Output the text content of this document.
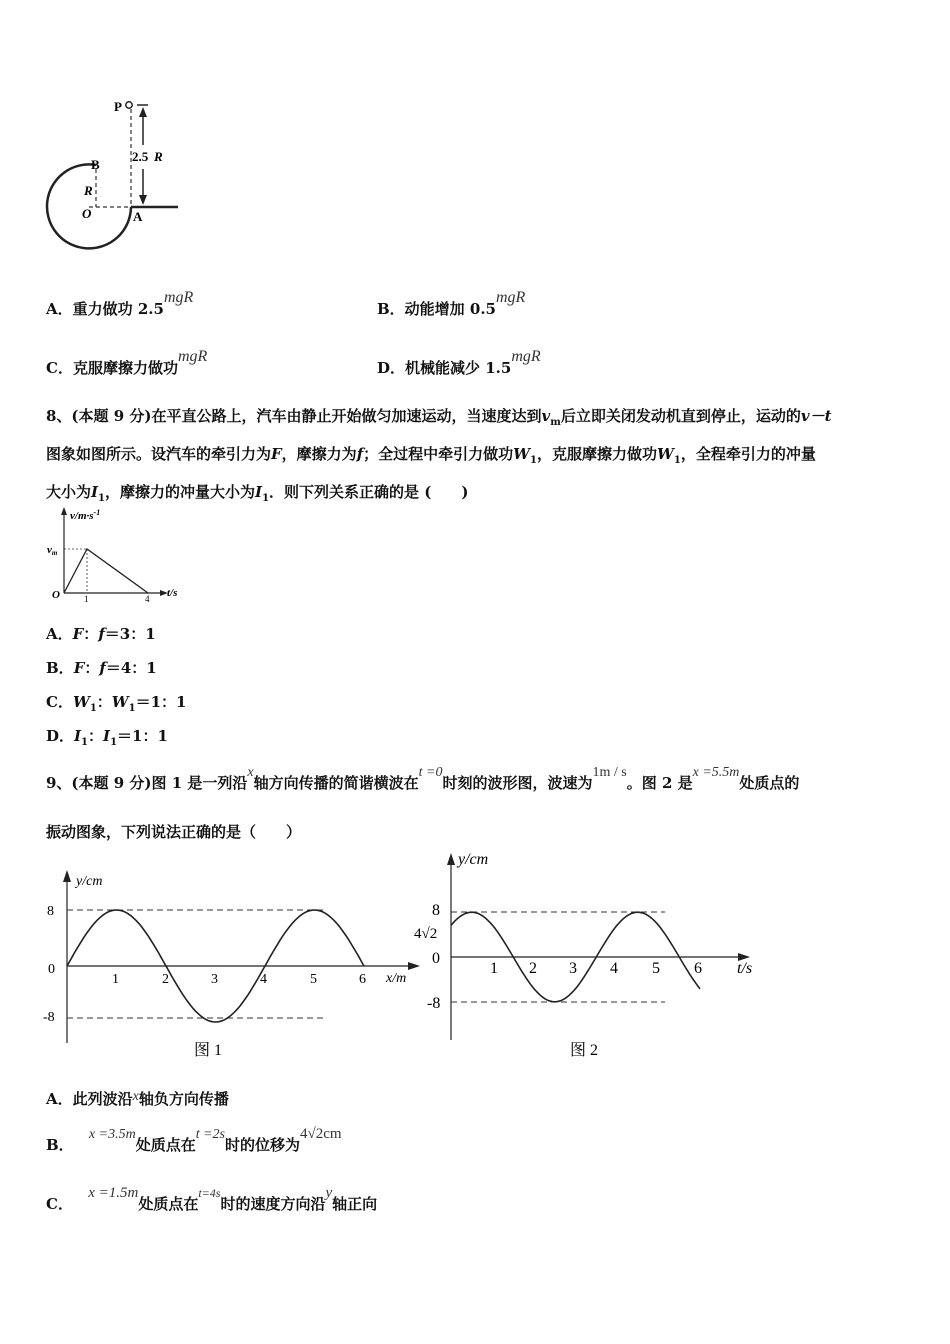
P
2.5 R
B
R
O	A
A．重力做功 2.5mgR
B．动能增加 0.5mgR
C．克服摩擦力做功mgR
D．机械能减少 1.5mgR
8、(本题 9 分)在平直公路上，汽车由静止开始做匀加速运动，当速度达到$v_m$后立即关闭发动机直到停止，运动的v－t
图象如图所示。设汽车的牵引力为F，摩擦力为f；全过程中牵引力做功$W_1$，克服摩擦力做功$W_1$，全程牵引力的冲量
大小为$I_1$，摩擦力的冲量大小为$I_1$．则下列关系正确的是 (　　)
$v/m\cdot s^{-1}$
vm
O	1	4 t/s
A．F：f＝3：1
B．F：f＝4：1
C．$W_1$：$W_1=1$：1
D．$I_1$：$I_1=1$：1
9、(本题 9 分)图 1 是一列沿x轴方向传播的简谐横波在t =0时刻的波形图，波速为1m / s。图 2 是x =5.5m处质点的
振动图象，下列说法正确的是（　　）
y/cm
8
0
-8
1	2	3	4	5	6 x/m
图 1
y/cm
8
4√2
0
-8
1 2 3 4 5 6 t/s
图 2
A．此列波沿x轴负方向传播
B． x =3.5m处质点在t =2s时的位移为4√2cm
C． x =1.5m处质点在$^{t=4s}$时的速度方向沿y轴正向
